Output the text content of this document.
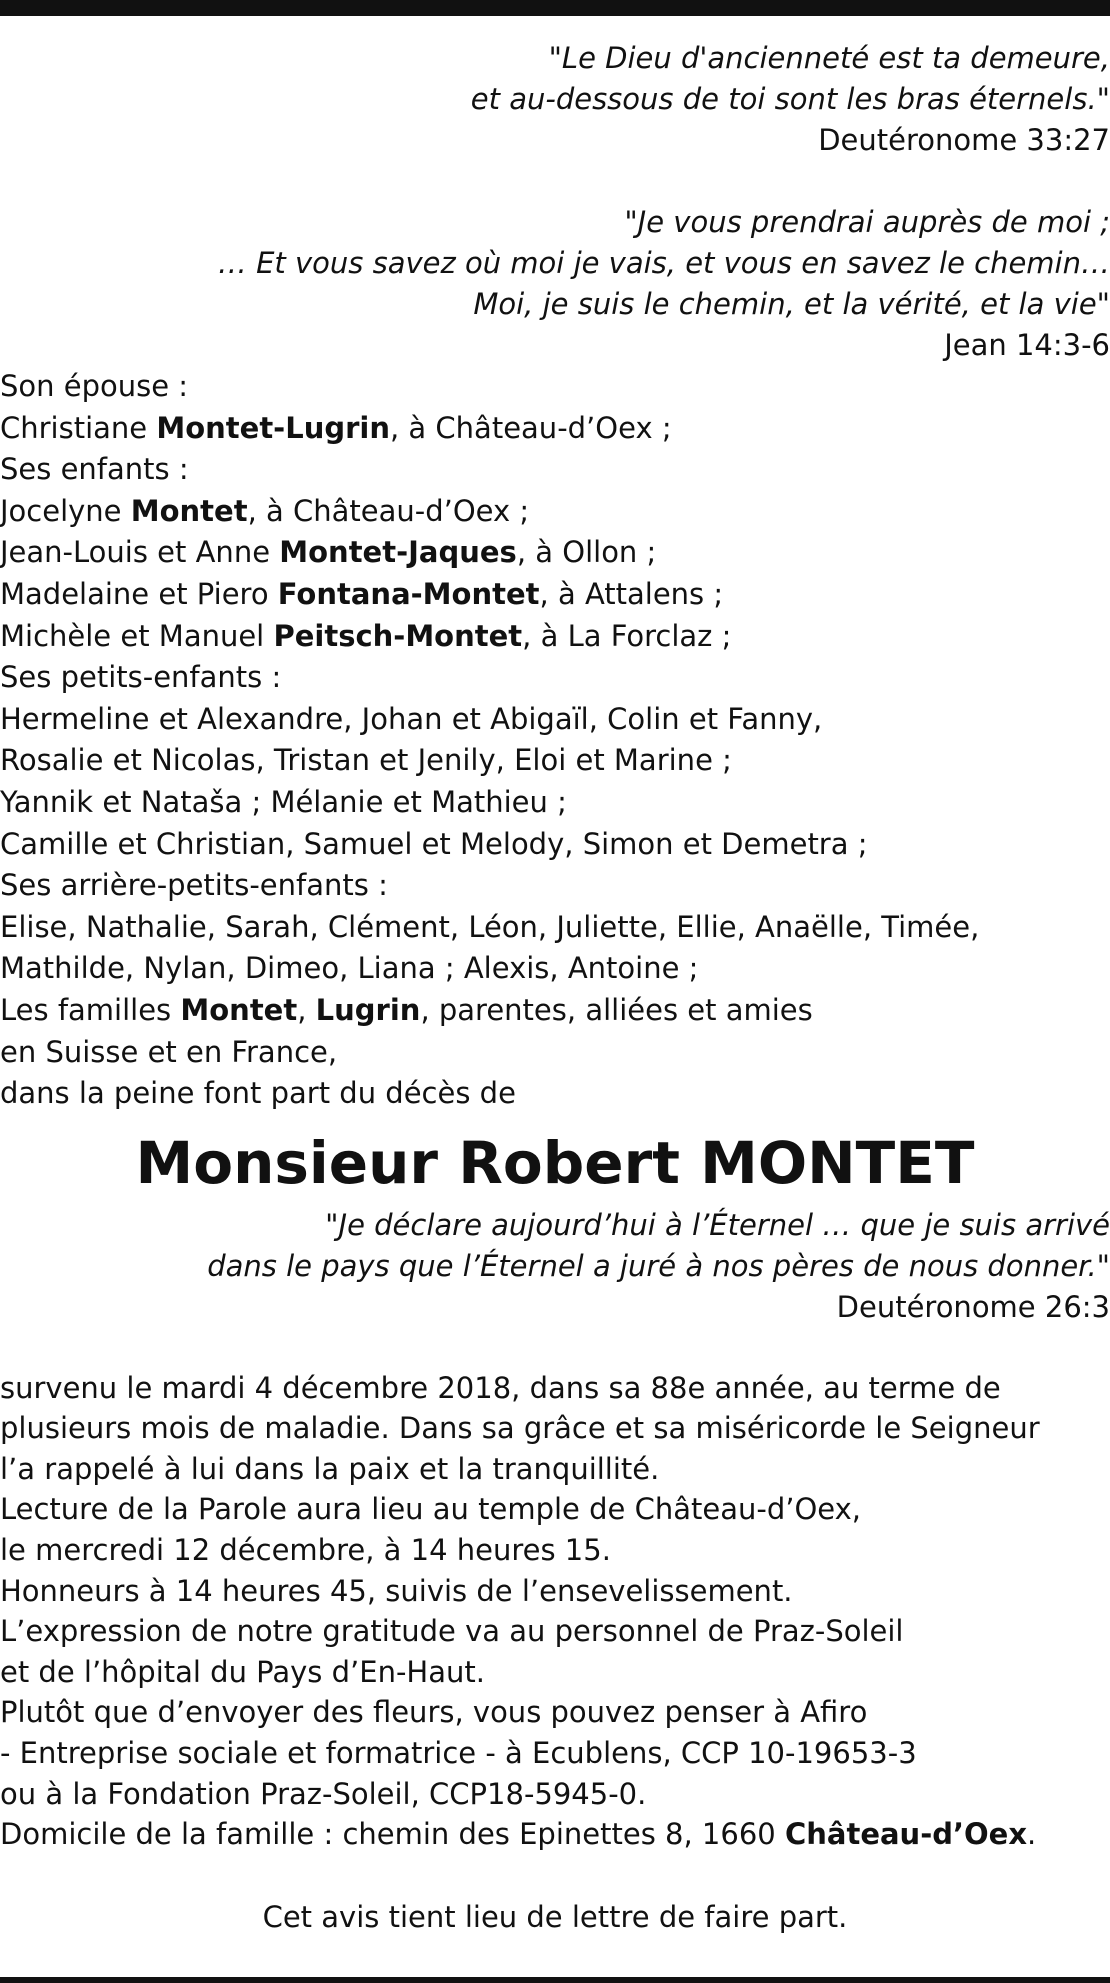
"Le Dieu d'ancienneté est ta demeure,
et au-dessous de toi sont les bras éternels."
Deutéronome 33:27
"Je vous prendrai auprès de moi ;
… Et vous savez où moi je vais, et vous en savez le chemin…
Moi, je suis le chemin, et la vérité, et la vie"
Jean 14:3-6
Son épouse :
Christiane Montet-Lugrin, à Château-d’Oex ;
Ses enfants :
Jocelyne Montet, à Château-d’Oex ;
Jean-Louis et Anne Montet-Jaques, à Ollon ;
Madelaine et Piero Fontana-Montet, à Attalens ;
Michèle et Manuel Peitsch-Montet, à La Forclaz ;
Ses petits-enfants :
Hermeline et Alexandre, Johan et Abigaïl, Colin et Fanny,
Rosalie et Nicolas, Tristan et Jenily, Eloi et Marine ;
Yannik et Nataša ; Mélanie et Mathieu ;
Camille et Christian, Samuel et Melody, Simon et Demetra ;
Ses arrière-petits-enfants :
Elise, Nathalie, Sarah, Clément, Léon, Juliette, Ellie, Anaëlle, Timée,
Mathilde, Nylan, Dimeo, Liana ; Alexis, Antoine ;
Les familles Montet, Lugrin, parentes, alliées et amies
en Suisse et en France,
dans la peine font part du décès de
Monsieur Robert MONTET
"Je déclare aujourd’hui à l’Éternel … que je suis arrivé
dans le pays que l’Éternel a juré à nos pères de nous donner."
Deutéronome 26:3
survenu le mardi 4 décembre 2018, dans sa 88e année, au terme de
plusieurs mois de maladie. Dans sa grâce et sa miséricorde le Seigneur
l’a rappelé à lui dans la paix et la tranquillité.
Lecture de la Parole aura lieu au temple de Château-d’Oex,
le mercredi 12 décembre, à 14 heures 15.
Honneurs à 14 heures 45, suivis de l’ensevelissement.
L’expression de notre gratitude va au personnel de Praz-Soleil
et de l’hôpital du Pays d’En-Haut.
Plutôt que d’envoyer des fleurs, vous pouvez penser à Afiro
- Entreprise sociale et formatrice - à Ecublens, CCP 10-19653-3
ou à la Fondation Praz-Soleil, CCP18-5945-0.
Domicile de la famille : chemin des Epinettes 8, 1660 Château-d’Oex.
Cet avis tient lieu de lettre de faire part.
